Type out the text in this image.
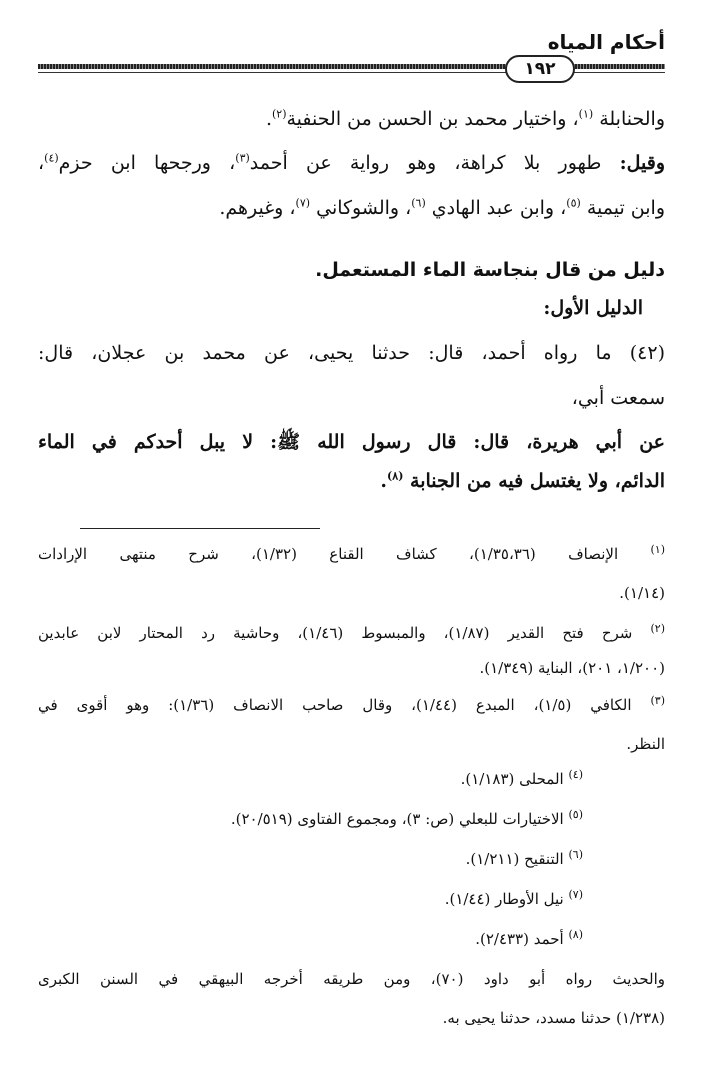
أحكام المياه
١٩٢
والحنابلة $^{(١)}$، واختيار محمد بن الحسن من الحنفية$^{(٢)}$.
وقيل: طهور بلا كراهة، وهو رواية عن أحمد$^{(٣)}$، ورجحها ابن حزم$^{(٤)}$،
وابن تيمية $^{(٥)}$، وابن عبد الهادي $^{(٦)}$، والشوكاني $^{(٧)}$، وغيرهم.
دليل من قال بنجاسة الماء المستعمل.
الدليل الأول:
(٤٢) ما رواه أحمد، قال: حدثنا يحيى، عن محمد بن عجلان، قال:
سمعت أبي،
عن أبي هريرة، قال: قال رسول الله ﷺ: لا يبل أحدكم في الماء
الدائم، ولا يغتسل فيه من الجنابة $^{(٨)}$.
$^{(١)}$ الإنصاف (١/٣٥،٣٦)، كشاف القناع (١/٣٢)، شرح منتهى الإرادات
(١/١٤).
$^{(٢)}$ شرح فتح القدير (١/٨٧)، والمبسوط (١/٤٦)، وحاشية رد المحتار لابن عابدين
(١/٢٠٠، ٢٠١)، البناية (١/٣٤٩).
$^{(٣)}$ الكافي (١/٥)، المبدع (١/٤٤)، وقال صاحب الانصاف (١/٣٦): وهو أقوى في
النظر.
$^{(٤)}$ المحلى (١/١٨٣).
$^{(٥)}$ الاختيارات للبعلي (ص: ٣)، ومجموع الفتاوى (٢٠/٥١٩).
$^{(٦)}$ التنقيح (١/٢١١).
$^{(٧)}$ نيل الأوطار (١/٤٤).
$^{(٨)}$ أحمد (٢/٤٣٣).
والحديث رواه أبو داود (٧٠)، ومن طريقه أخرجه البيهقي في السنن الكبرى
(١/٢٣٨) حدثنا مسدد، حدثنا يحيى به.
